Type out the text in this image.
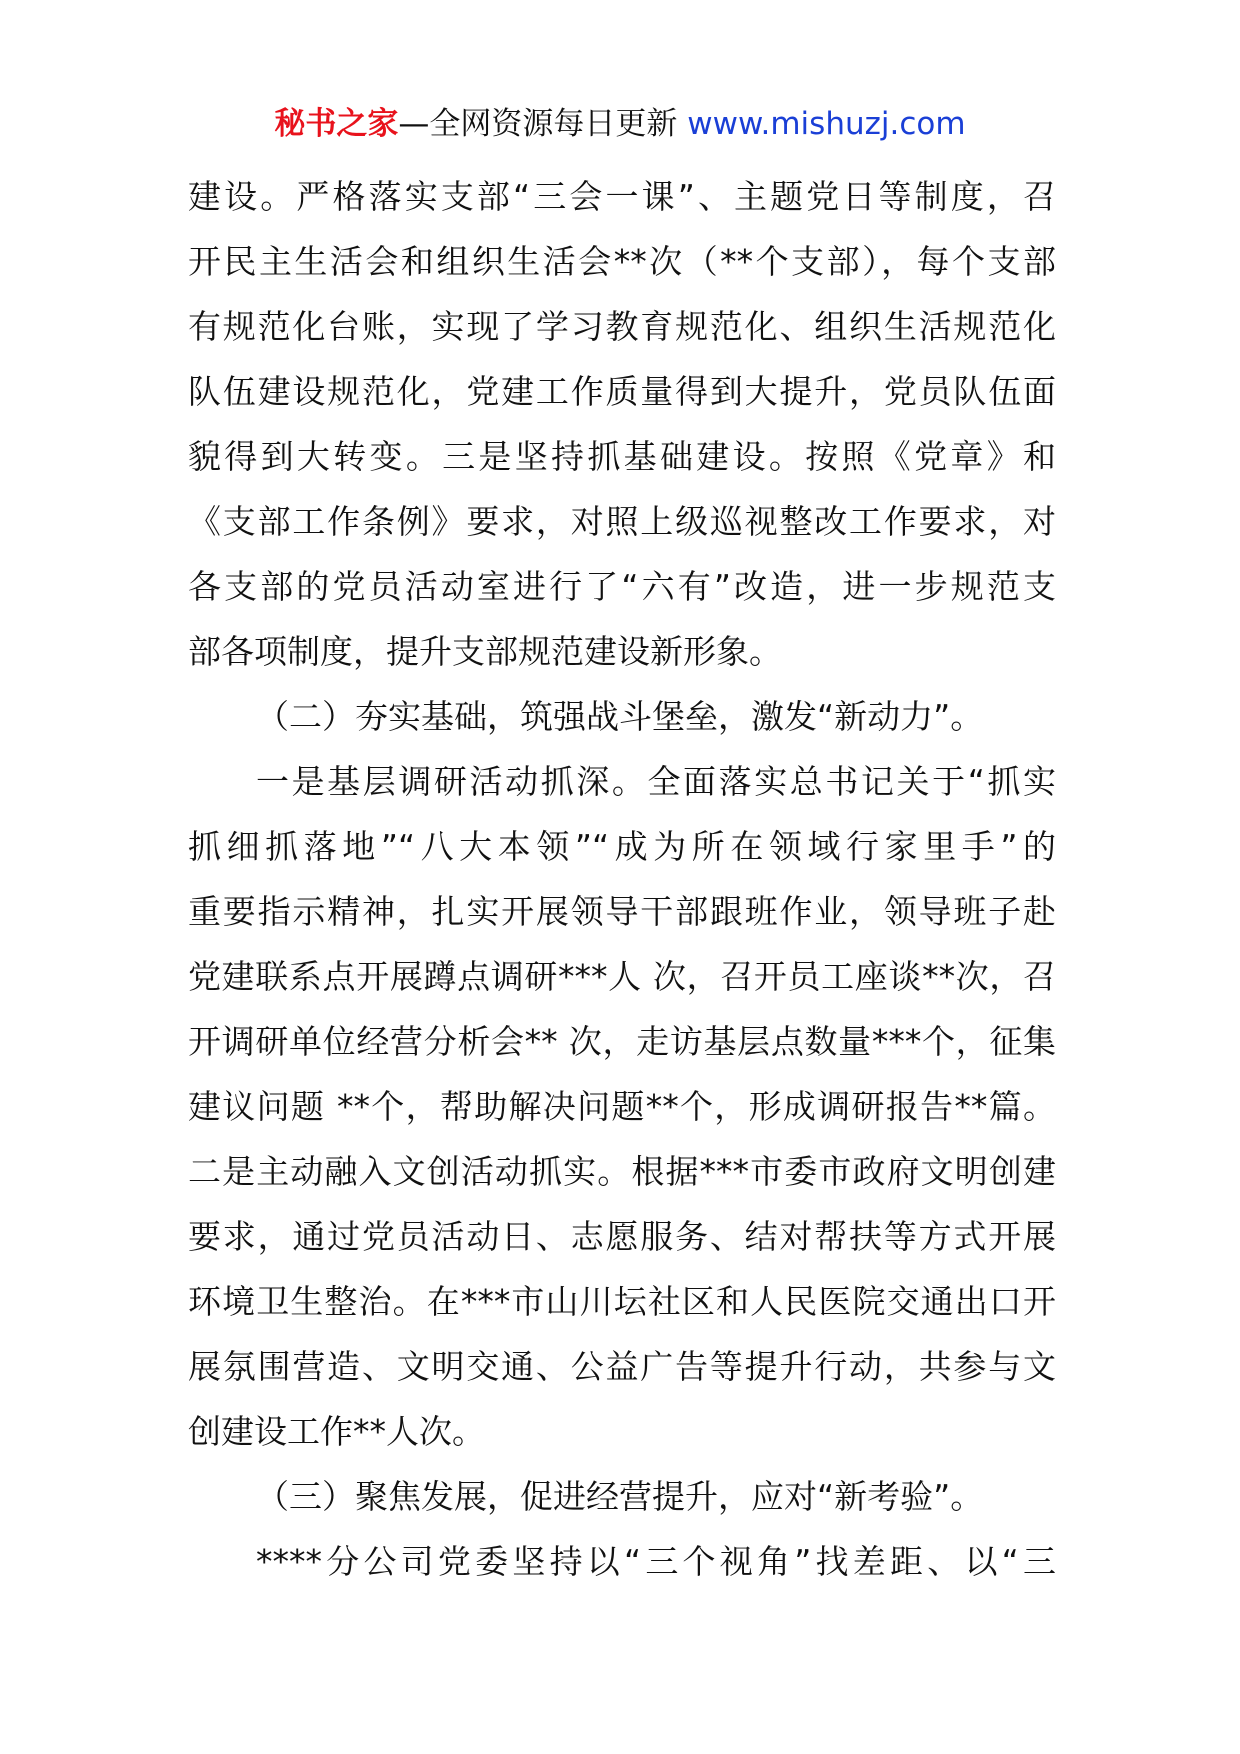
秘书之家—全网资源每日更新 www.mishuzj.com
建设。严格落实支部“三会一课”、主题党日等制度，召
开民主生活会和组织生活会**次（**个支部），每个支部
有规范化台账，实现了学习教育规范化、组织生活规范化
队伍建设规范化，党建工作质量得到大提升，党员队伍面
貌得到大转变。三是坚持抓基础建设。按照《党章》和
《支部工作条例》要求，对照上级巡视整改工作要求，对
各支部的党员活动室进行了“六有”改造，进一步规范支
部各项制度，提升支部规范建设新形象。
（二）夯实基础，筑强战斗堡垒，激发“新动力”。
一是基层调研活动抓深。全面落实总书记关于“抓实
抓细抓落地”“八大本领”“成为所在领域行家里手”的
重要指示精神，扎实开展领导干部跟班作业，领导班子赴
党建联系点开展蹲点调研***人 次，召开员工座谈**次，召
开调研单位经营分析会** 次，走访基层点数量***个，征集
建议问题 **个，帮助解决问题**个，形成调研报告**篇。
二是主动融入文创活动抓实。根据***市委市政府文明创建
要求，通过党员活动日、志愿服务、结对帮扶等方式开展
环境卫生整治。在***市山川坛社区和人民医院交通出口开
展氛围营造、文明交通、公益广告等提升行动，共参与文
创建设工作**人次。
（三）聚焦发展，促进经营提升，应对“新考验”。
****分公司党委坚持以“三个视角”找差距、以“三
